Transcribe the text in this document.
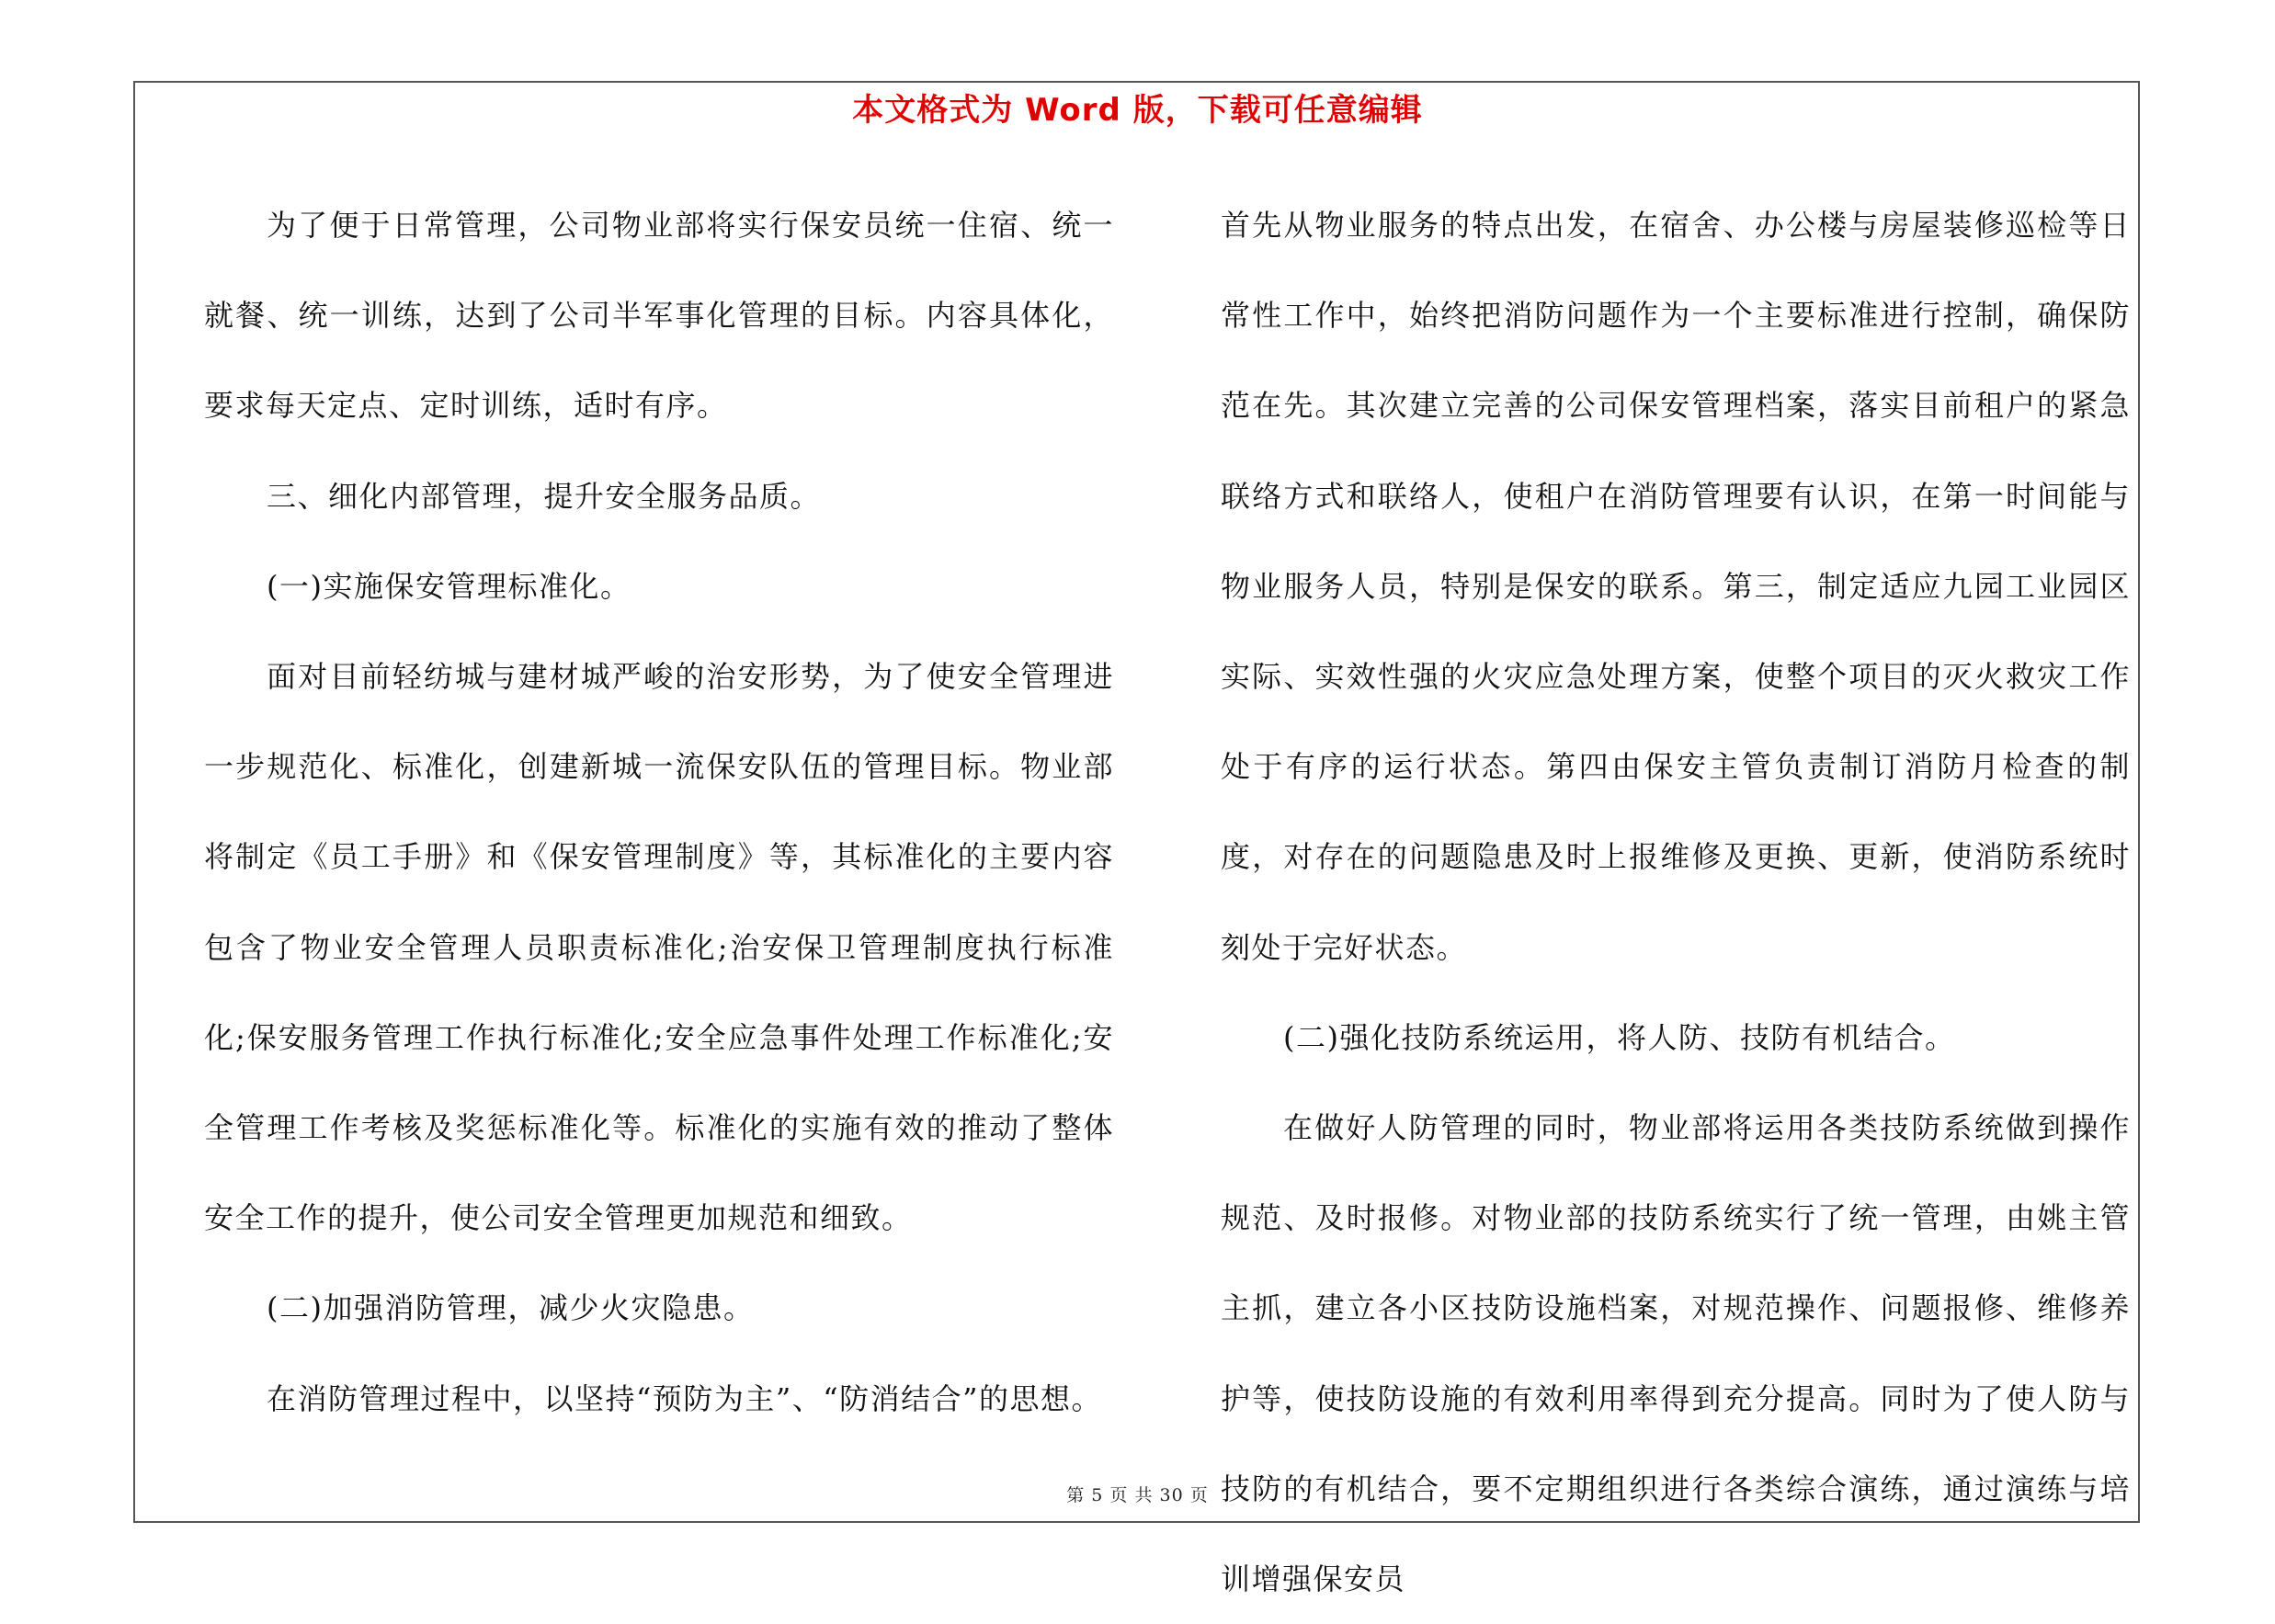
本文格式为 Word 版，下载可任意编辑

为了便于日常管理，公司物业部将实行保安员统一住宿、统一就餐、统一训练，达到了公司半军事化管理的目标。内容具体化，要求每天定点、定时训练，适时有序。

三、细化内部管理，提升安全服务品质。

(一)实施保安管理标准化。

面对目前轻纺城与建材城严峻的治安形势，为了使安全管理进一步规范化、标准化，创建新城一流保安队伍的管理目标。物业部将制定《员工手册》和《保安管理制度》等，其标准化的主要内容包含了物业安全管理人员职责标准化;治安保卫管理制度执行标准化;保安服务管理工作执行标准化;安全应急事件处理工作标准化;安全管理工作考核及奖惩标准化等。标准化的实施有效的推动了整体安全工作的提升，使公司安全管理更加规范和细致。

(二)加强消防管理，减少火灾隐患。

在消防管理过程中，以坚持“预防为主”、“防消结合”的思想。

首先从物业服务的特点出发，在宿舍、办公楼与房屋装修巡检等日常性工作中，始终把消防问题作为一个主要标准进行控制，确保防范在先。其次建立完善的公司保安管理档案，落实目前租户的紧急联络方式和联络人，使租户在消防管理要有认识，在第一时间能与物业服务人员，特别是保安的联系。第三，制定适应九园工业园区实际、实效性强的火灾应急处理方案，使整个项目的灭火救灾工作处于有序的运行状态。第四由保安主管负责制订消防月检查的制度，对存在的问题隐患及时上报维修及更换、更新，使消防系统时刻处于完好状态。

(二)强化技防系统运用，将人防、技防有机结合。

在做好人防管理的同时，物业部将运用各类技防系统做到操作规范、及时报修。对物业部的技防系统实行了统一管理，由姚主管主抓，建立各小区技防设施档案，对规范操作、问题报修、维修养护等，使技防设施的有效利用率得到充分提高。同时为了使人防与技防的有机结合，要不定期组织进行各类综合演练，通过演练与培训增强保安员

第 5 页 共 30 页
